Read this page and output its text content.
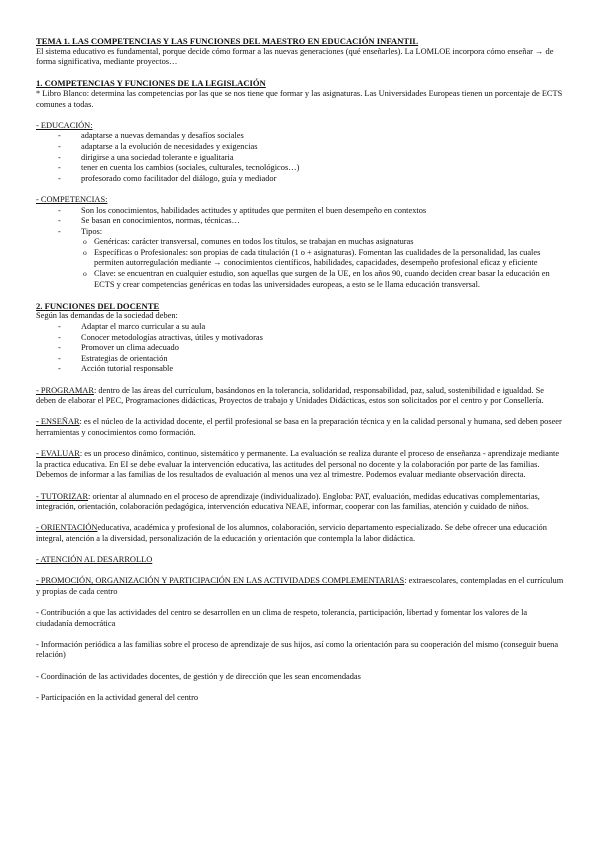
TEMA 1. LAS COMPETENCIAS Y LAS FUNCIONES DEL MAESTRO EN EDUCACIÓN INFANTIL

El sistema educativo es fundamental, porque decide cómo formar a las nuevas generaciones (qué enseñarles). La LOMLOE incorpora cómo enseñar → de forma significativa, mediante proyectos…

1. COMPETENCIAS Y FUNCIONES DE LA LEGISLACIÓN

* Libro Blanco: determina las competencias por las que se nos tiene que formar y las asignaturas. Las Universidades Europeas tienen un porcentaje de ECTS comunes a todas.

- EDUCACIÓN:

- adaptarse a nuevas demandas y desafíos sociales
- adaptarse a la evolución de necesidades y exigencias
- dirigirse a una sociedad tolerante e igualitaria
- tener en cuenta los cambios (sociales, culturales, tecnológicos…)
- profesorado como facilitador del diálogo, guía y mediador

- COMPETENCIAS:

- Son los conocimientos, habilidades actitudes y aptitudes que permiten el buen desempeño en contextos
- Se basan en conocimientos, normas, técnicas…
- Tipos:
o Genéricas: carácter transversal, comunes en todos los títulos, se trabajan en muchas asignaturas
o Específicas o Profesionales: son propias de cada titulación (1 o + asignaturas). Fomentan las cualidades de la personalidad, las cuales permiten autorregulación mediante → conocimientos científicos, habilidades, capacidades, desempeño profesional eficaz y eficiente
o Clave: se encuentran en cualquier estudio, son aquellas que surgen de la UE, en los años 90, cuando deciden crear basar la educación en ECTS y crear competencias genéricas en todas las universidades europeas, a esto se le llama educación transversal.

2. FUNCIONES DEL DOCENTE

Según las demandas de la sociedad deben:

- Adaptar el marco curricular a su aula
- Conocer metodologías atractivas, útiles y motivadoras
- Promover un clima adecuado
- Estrategias de orientación
- Acción tutorial responsable

- PROGRAMAR: dentro de las áreas del currículum, basándonos en la tolerancia, solidaridad, responsabilidad, paz, salud, sostenibilidad e igualdad. Se deben de elaborar el PEC, Programaciones didácticas, Proyectos de trabajo y Unidades Didácticas, estos son solicitados por el centro y por Consellería.

- ENSEÑAR: es el núcleo de la actividad docente, el perfil profesional se basa en la preparación técnica y en la calidad personal y humana, sed deben poseer herramientas y conocimientos como formación.

- EVALUAR: es un proceso dinámico, continuo, sistemático y permanente. La evaluación se realiza durante el proceso de enseñanza - aprendizaje mediante la practica educativa. En EI se debe evaluar la intervención educativa, las actitudes del personal no docente y la colaboración por parte de las familias. Debemos de informar a las familias de los resultados de evaluación al menos una vez al trimestre. Podemos evaluar mediante observación directa.

- TUTORIZAR: orientar al alumnado en el proceso de aprendizaje (individualizado). Engloba: PAT, evaluación, medidas educativas complementarias, integración, orientación, colaboración pedagógica, intervención educativa NEAE, informar, cooperar con las familias, atención y cuidado de niños.

- ORIENTACIÓNeducativa, académica y profesional de los alumnos, colaboración, servicio departamento especializado. Se debe ofrecer una educación integral, atención a la diversidad, personalización de la educación y orientación que contempla la labor didáctica.

- ATENCIÓN AL DESARROLLO

- PROMOCIÓN, ORGANIZACIÓN Y PARTICIPACIÓN EN LAS ACTIVIDADES COMPLEMENTARIAS: extraescolares, contempladas en el currículum y propias de cada centro

- Contribución a que las actividades del centro se desarrollen en un clima de respeto, tolerancia, participación, libertad y fomentar los valores de la ciudadanía democrática

- Información periódica a las familias sobre el proceso de aprendizaje de sus hijos, así como la orientación para su cooperación del mismo (conseguir buena relación)

- Coordinación de las actividades docentes, de gestión y de dirección que les sean encomendadas

- Participación en la actividad general del centro
